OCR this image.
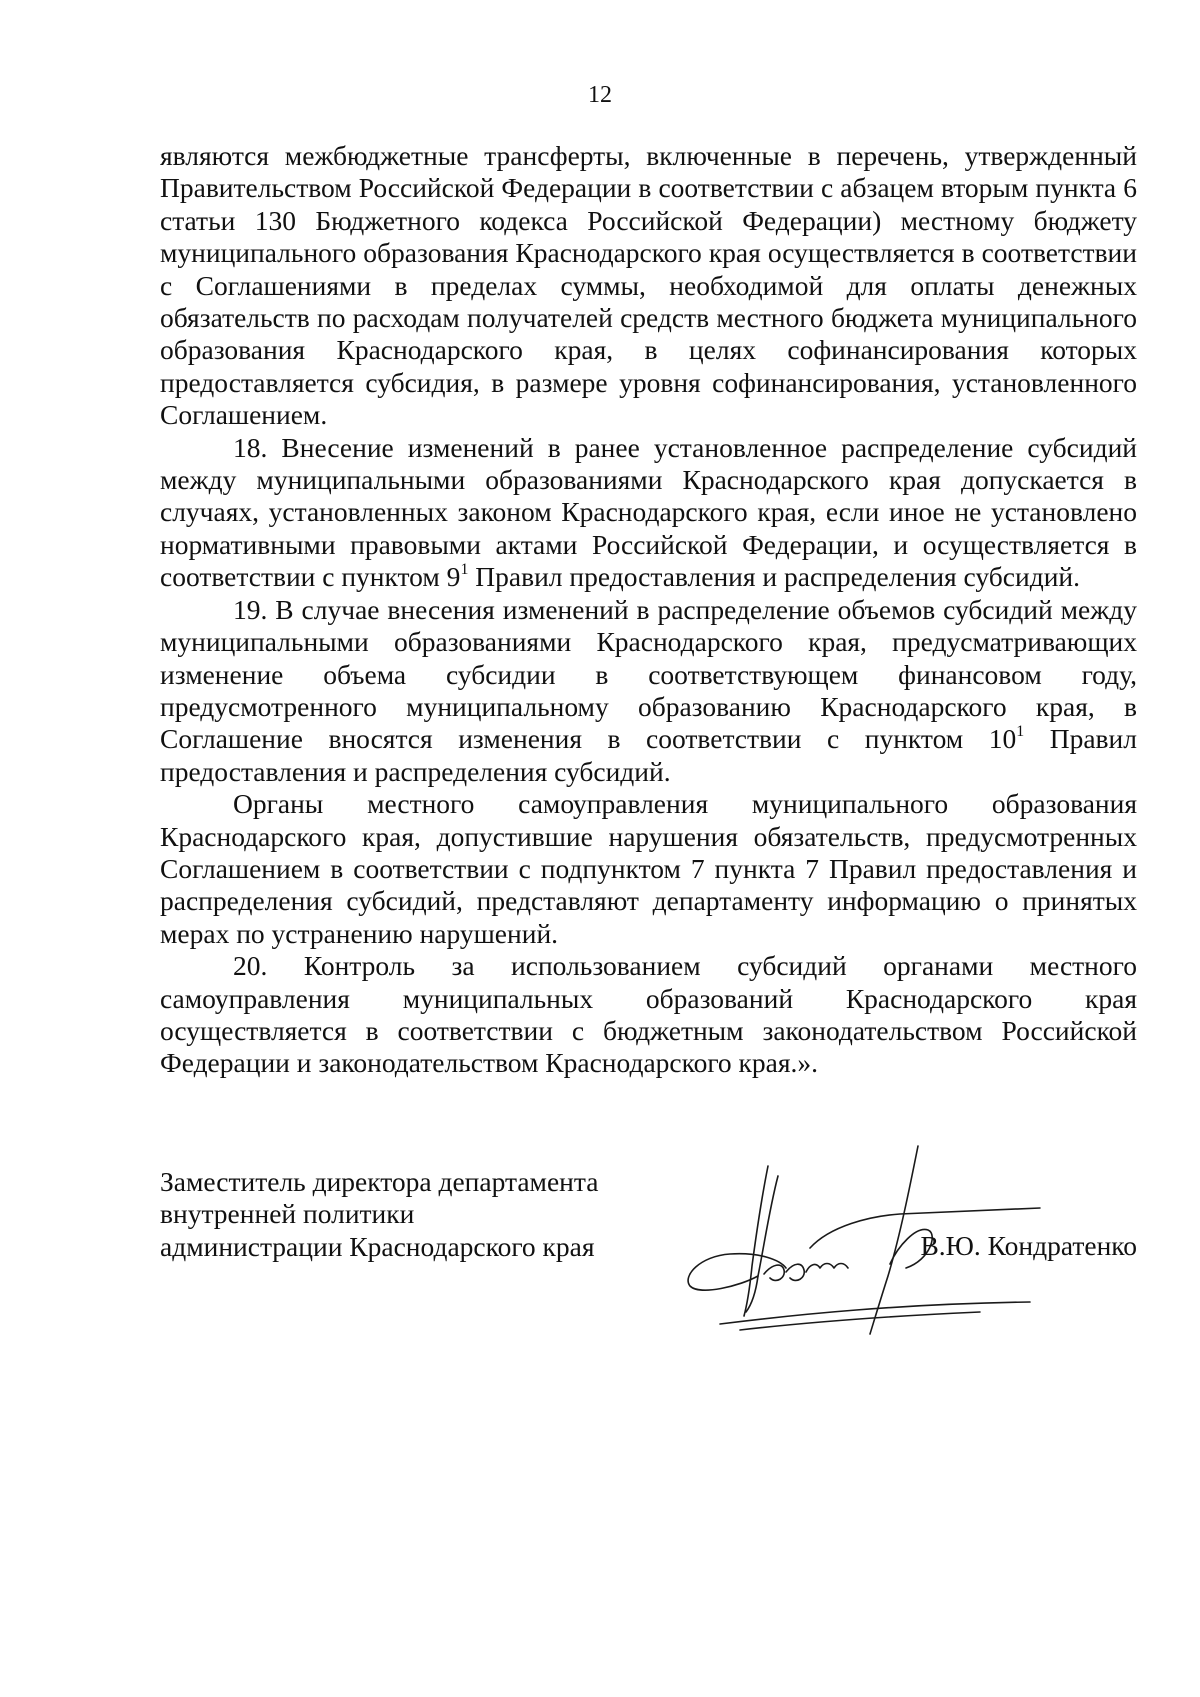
12

являются межбюджетные трансферты, включенные в перечень, утвержденный Правительством Российской Федерации в соответствии с абзацем вторым пункта 6 статьи 130 Бюджетного кодекса Российской Федерации) местному бюджету муниципального образования Краснодарского края осуществляется в соответствии с Соглашениями в пределах суммы, необходимой для оплаты денежных обязательств по расходам получателей средств местного бюджета муниципального образования Краснодарского края, в целях софинансирования которых предоставляется субсидия, в размере уровня софинансирования, установленного Соглашением.

18. Внесение изменений в ранее установленное распределение субсидий между муниципальными образованиями Краснодарского края допускается в случаях, установленных законом Краснодарского края, если иное не установлено нормативными правовыми актами Российской Федерации, и осуществляется в соответствии с пунктом $9^1$ Правил предоставления и распределения субсидий.

19. В случае внесения изменений в распределение объемов субсидий между муниципальными образованиями Краснодарского края, предусматривающих изменение объема субсидии в соответствующем финансовом году, предусмотренного муниципальному образованию Краснодарского края, в Соглашение вносятся изменения в соответствии с пунктом $10^1$ Правил предоставления и распределения субсидий.

Органы местного самоуправления муниципального образования Краснодарского края, допустившие нарушения обязательств, предусмотренных Соглашением в соответствии с подпунктом 7 пункта 7 Правил предоставления и распределения субсидий, представляют департаменту информацию о принятых мерах по устранению нарушений.

20. Контроль за использованием субсидий органами местного самоуправления муниципальных образований Краснодарского края осуществляется в соответствии с бюджетным законодательством Российской Федерации и законодательством Краснодарского края.».

Заместитель директора департамента
внутренней политики
администрации Краснодарского края	В.Ю. Кондратенко
